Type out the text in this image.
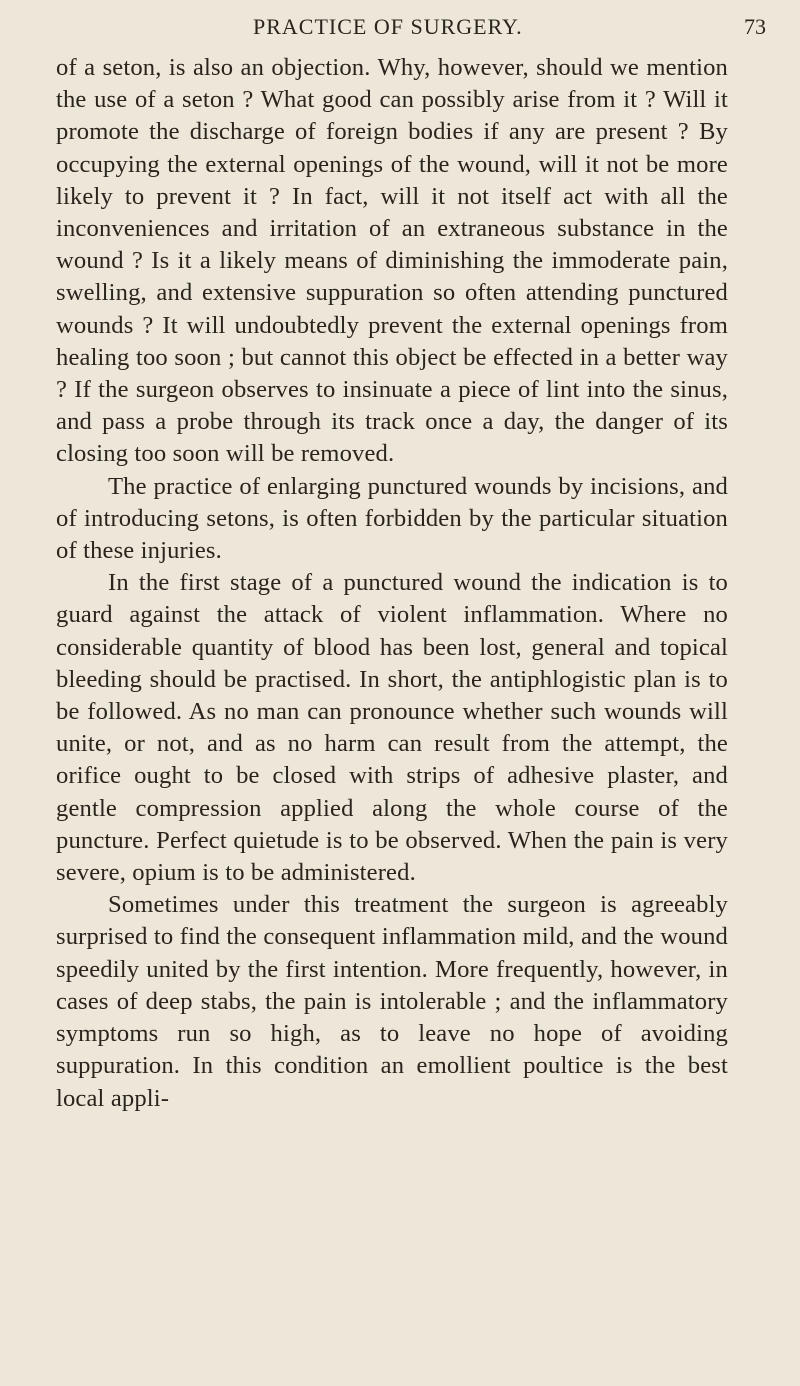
PRACTICE OF SURGERY.	73

of a seton, is also an objection. Why, however, should we mention the use of a seton ? What good can possibly arise from it ? Will it promote the discharge of foreign bodies if any are present ? By occupying the external openings of the wound, will it not be more likely to prevent it ? In fact, will it not itself act with all the inconveniences and irritation of an extraneous substance in the wound ? Is it a likely means of diminishing the immoderate pain, swelling, and extensive suppuration so often attending punctured wounds ? It will undoubtedly prevent the external openings from healing too soon ; but cannot this object be effected in a better way ? If the surgeon observes to insinuate a piece of lint into the sinus, and pass a probe through its track once a day, the danger of its closing too soon will be removed.

The practice of enlarging punctured wounds by incisions, and of introducing setons, is often forbidden by the particular situation of these injuries.

In the first stage of a punctured wound the indication is to guard against the attack of violent inflammation. Where no considerable quantity of blood has been lost, general and topical bleeding should be practised. In short, the antiphlogistic plan is to be followed. As no man can pronounce whether such wounds will unite, or not, and as no harm can result from the attempt, the orifice ought to be closed with strips of adhesive plaster, and gentle compression applied along the whole course of the puncture. Perfect quietude is to be observed. When the pain is very severe, opium is to be administered.

Sometimes under this treatment the surgeon is agreeably surprised to find the consequent inflammation mild, and the wound speedily united by the first intention. More frequently, however, in cases of deep stabs, the pain is intolerable ; and the inflammatory symptoms run so high, as to leave no hope of avoiding suppuration. In this condition an emollient poultice is the best local appli-
